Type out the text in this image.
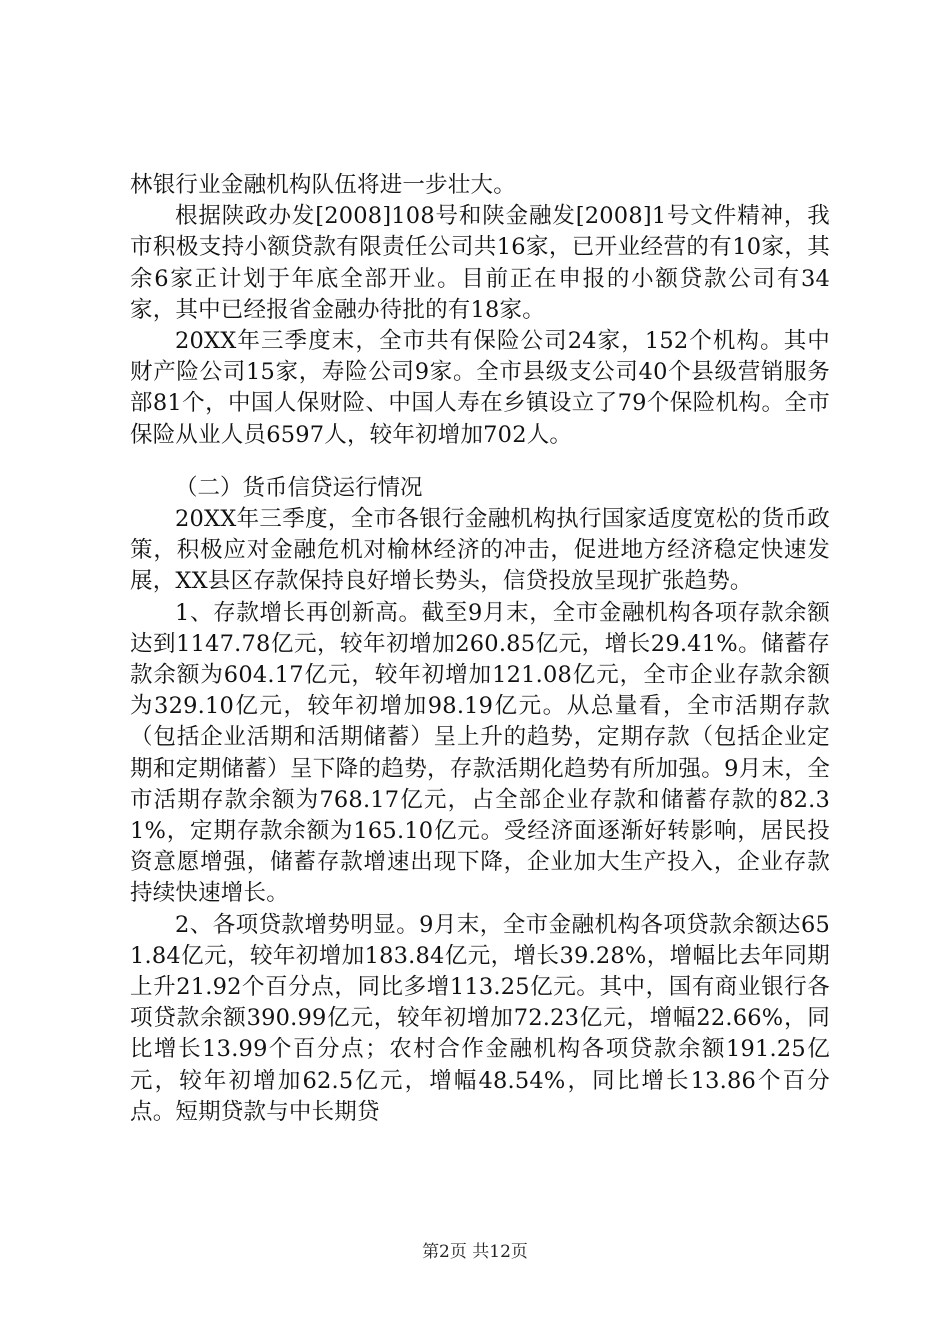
林银行业金融机构队伍将进一步壮大。

根据陕政办发[2008]108号和陕金融发[2008]1号文件精神，我市积极支持小额贷款有限责任公司共16家，已开业经营的有10家，其余6家正计划于年底全部开业。目前正在申报的小额贷款公司有34家，其中已经报省金融办待批的有18家。

20XX年三季度末，全市共有保险公司24家，152个机构。其中财产险公司15家，寿险公司9家。全市县级支公司40个县级营销服务部81个，中国人保财险、中国人寿在乡镇设立了79个保险机构。全市保险从业人员6597人，较年初增加702人。

（二）货币信贷运行情况

20XX年三季度，全市各银行金融机构执行国家适度宽松的货币政策，积极应对金融危机对榆林经济的冲击，促进地方经济稳定快速发展，XX县区存款保持良好增长势头，信贷投放呈现扩张趋势。

1、存款增长再创新高。截至9月末，全市金融机构各项存款余额达到1147.78亿元，较年初增加260.85亿元，增长29.41%。储蓄存款余额为604.17亿元，较年初增加121.08亿元，全市企业存款余额为329.10亿元，较年初增加98.19亿元。从总量看，全市活期存款（包括企业活期和活期储蓄）呈上升的趋势，定期存款（包括企业定期和定期储蓄）呈下降的趋势，存款活期化趋势有所加强。9月末，全市活期存款余额为768.17亿元，占全部企业存款和储蓄存款的82.31%，定期存款余额为165.10亿元。受经济面逐渐好转影响，居民投资意愿增强，储蓄存款增速出现下降，企业加大生产投入，企业存款持续快速增长。

2、各项贷款增势明显。9月末，全市金融机构各项贷款余额达651.84亿元，较年初增加183.84亿元，增长39.28%，增幅比去年同期上升21.92个百分点，同比多增113.25亿元。其中，国有商业银行各项贷款余额390.99亿元，较年初增加72.23亿元，增幅22.66%，同比增长13.99个百分点；农村合作金融机构各项贷款余额191.25亿元，较年初增加62.5亿元，增幅48.54%，同比增长13.86个百分点。短期贷款与中长期贷

第2页 共12页
